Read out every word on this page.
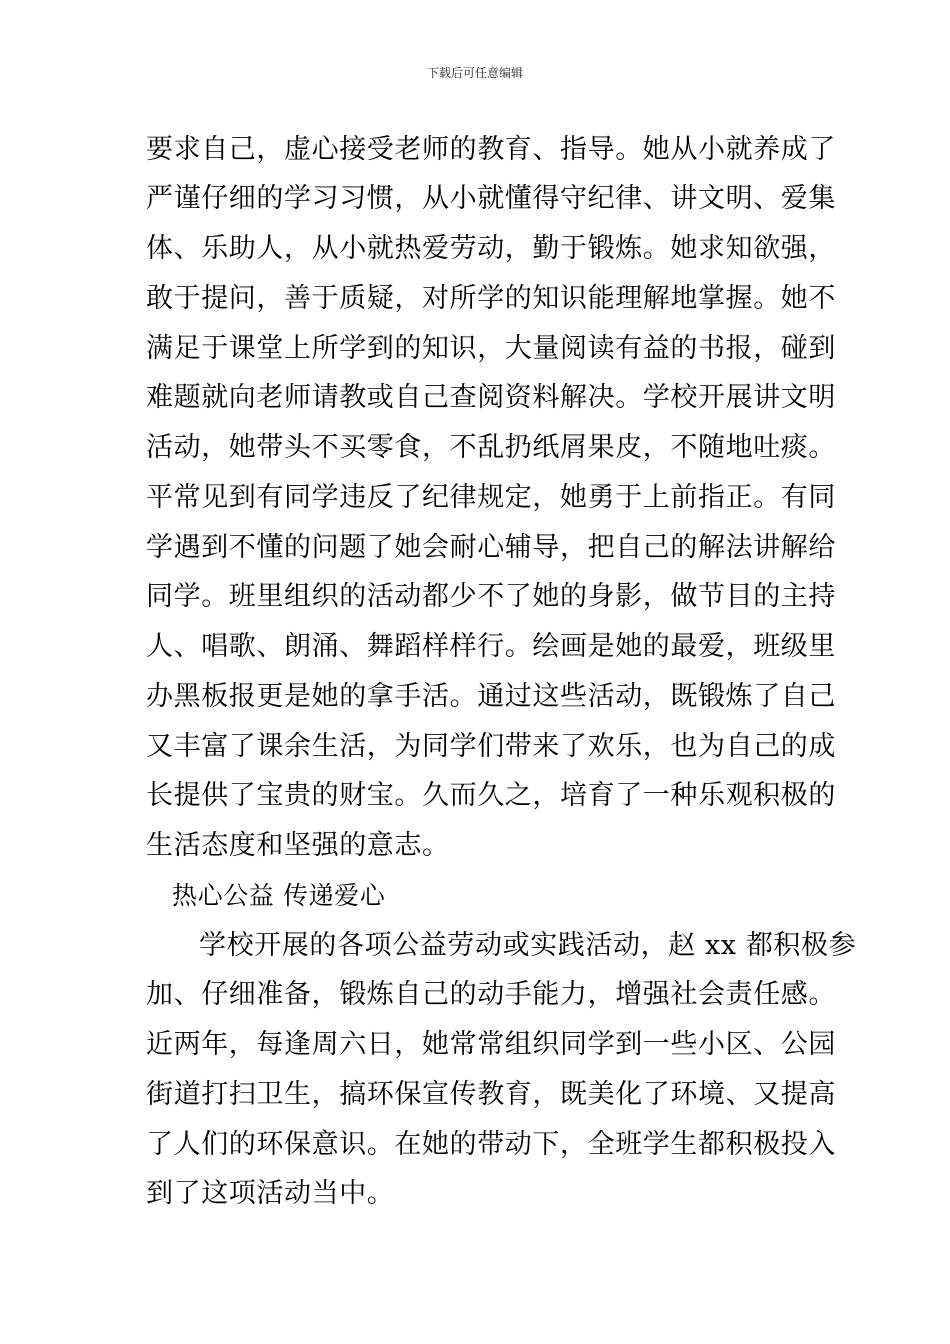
下载后可任意编辑
要求自己，虚心接受老师的教育、指导。她从小就养成了
严谨仔细的学习习惯，从小就懂得守纪律、讲文明、爱集
体、乐助人，从小就热爱劳动，勤于锻炼。她求知欲强，
敢于提问，善于质疑，对所学的知识能理解地掌握。她不
满足于课堂上所学到的知识，大量阅读有益的书报，碰到
难题就向老师请教或自己查阅资料解决。学校开展讲文明
活动，她带头不买零食，不乱扔纸屑果皮，不随地吐痰。
平常见到有同学违反了纪律规定，她勇于上前指正。有同
学遇到不懂的问题了她会耐心辅导，把自己的解法讲解给
同学。班里组织的活动都少不了她的身影，做节目的主持
人、唱歌、朗涌、舞蹈样样行。绘画是她的最爱，班级里
办黑板报更是她的拿手活。通过这些活动，既锻炼了自己
又丰富了课余生活，为同学们带来了欢乐，也为自己的成
长提供了宝贵的财宝。久而久之，培育了一种乐观积极的
生活态度和坚强的意志。
热心公益 传递爱心
学校开展的各项公益劳动或实践活动，赵 xx 都积极参
加、仔细准备，锻炼自己的动手能力，增强社会责任感。
近两年，每逢周六日，她常常组织同学到一些小区、公园
街道打扫卫生，搞环保宣传教育，既美化了环境、又提高
了人们的环保意识。在她的带动下，全班学生都积极投入
到了这项活动当中。
